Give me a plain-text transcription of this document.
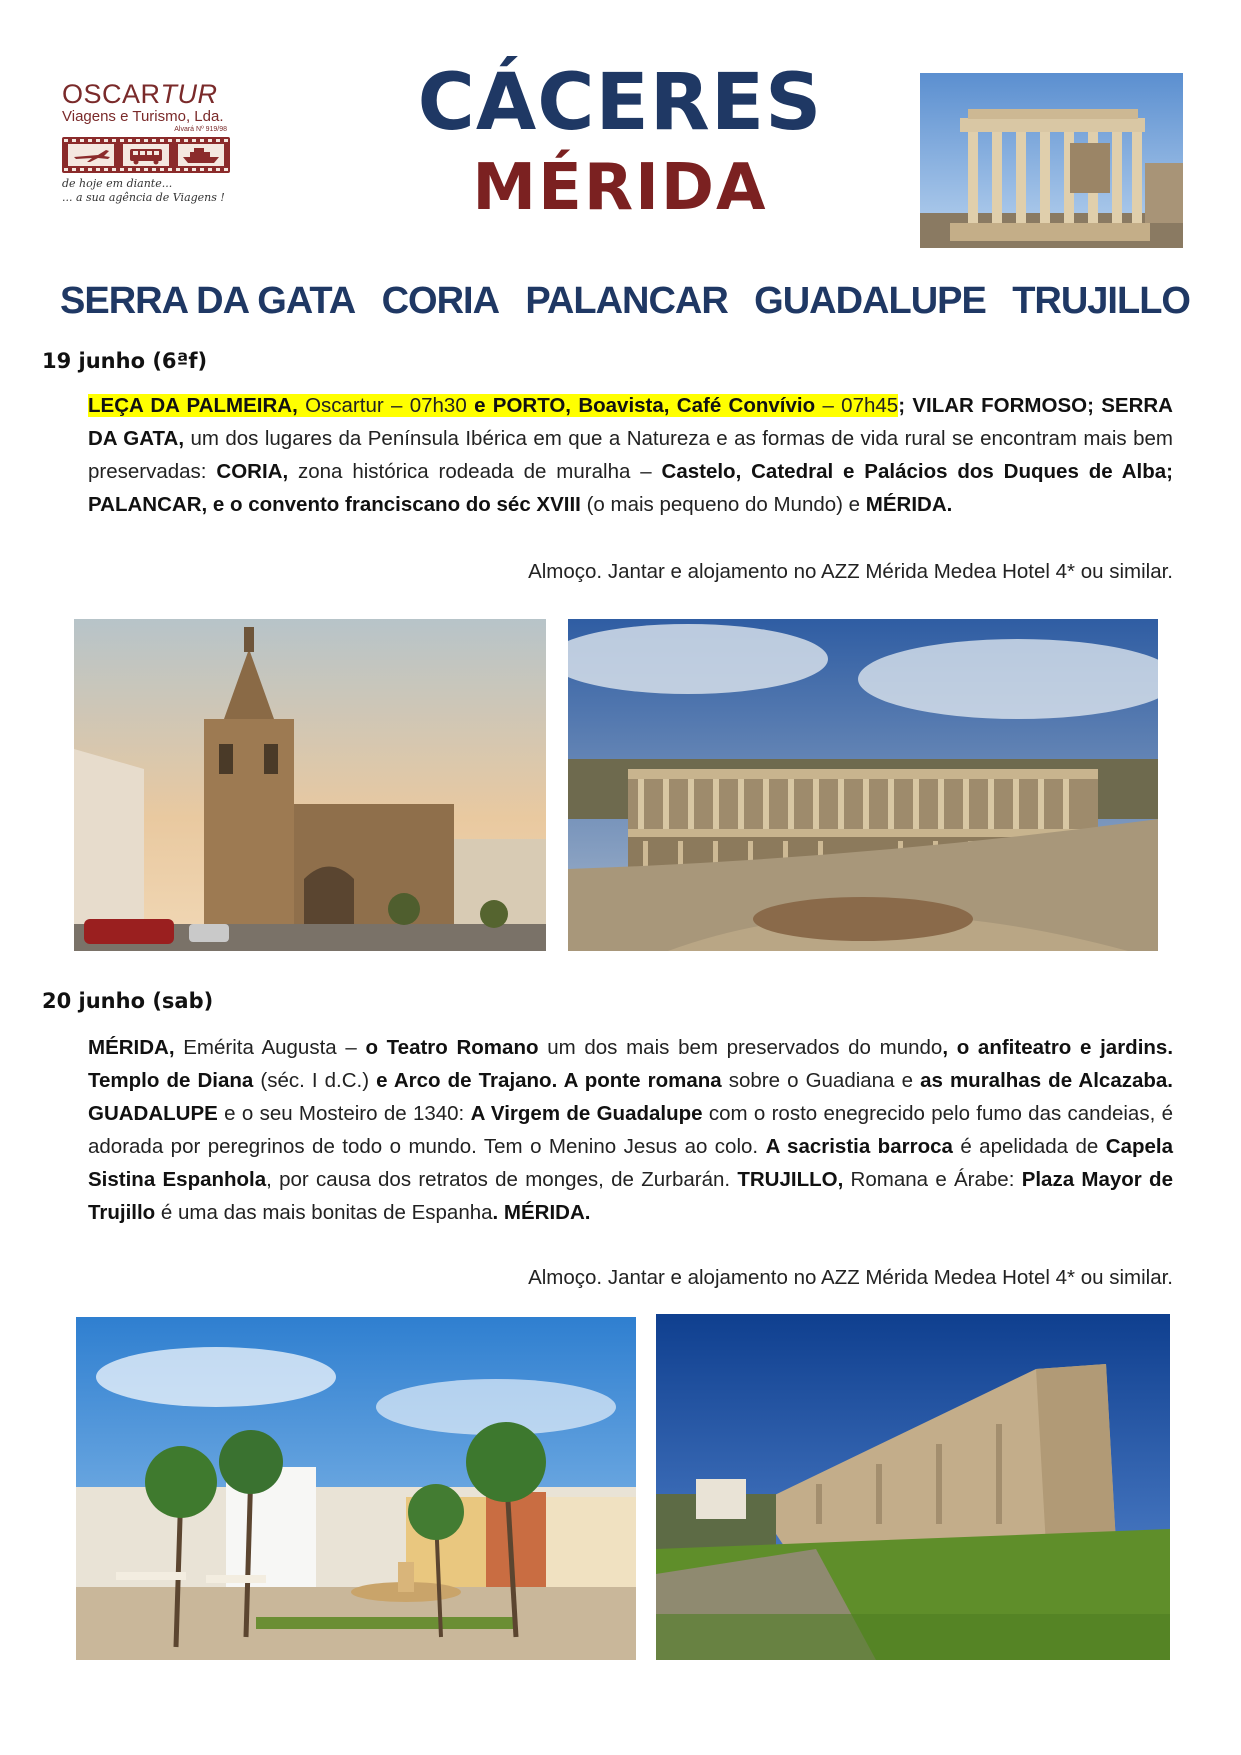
OSCARTUR
Viagens e Turismo, Lda.
Alvará Nº 919/98
de hoje em diante...
... a sua agência de Viagens !
CÁCERES
MÉRIDA
SERRA DA GATA CORIA PALANCAR GUADALUPE TRUJILLO
19 junho (6ªf)
LEÇA DA PALMEIRA, Oscartur – 07h30 e PORTO, Boavista, Café Convívio – 07h45; VILAR FORMOSO; SERRA DA GATA, um dos lugares da Península Ibérica em que a Natureza e as formas de vida rural se encontram mais bem preservadas: CORIA, zona histórica rodeada de muralha – Castelo, Catedral e Palácios dos Duques de Alba; PALANCAR, e o convento franciscano do séc XVIII (o mais pequeno do Mundo) e MÉRIDA.
Almoço. Jantar e alojamento no AZZ Mérida Medea Hotel 4* ou similar.
20 junho (sab)
MÉRIDA, Emérita Augusta – o Teatro Romano um dos mais bem preservados do mundo, o anfiteatro e jardins. Templo de Diana (séc. I d.C.) e Arco de Trajano. A ponte romana sobre o Guadiana e as muralhas de Alcazaba. GUADALUPE e o seu Mosteiro de 1340: A Virgem de Guadalupe com o rosto enegrecido pelo fumo das candeias, é adorada por peregrinos de todo o mundo. Tem o Menino Jesus ao colo. A sacristia barroca é apelidada de Capela Sistina Espanhola, por causa dos retratos de monges, de Zurbarán. TRUJILLO, Romana e Árabe: Plaza Mayor de Trujillo é uma das mais bonitas de Espanha. MÉRIDA.
Almoço. Jantar e alojamento no AZZ Mérida Medea Hotel 4* ou similar.
